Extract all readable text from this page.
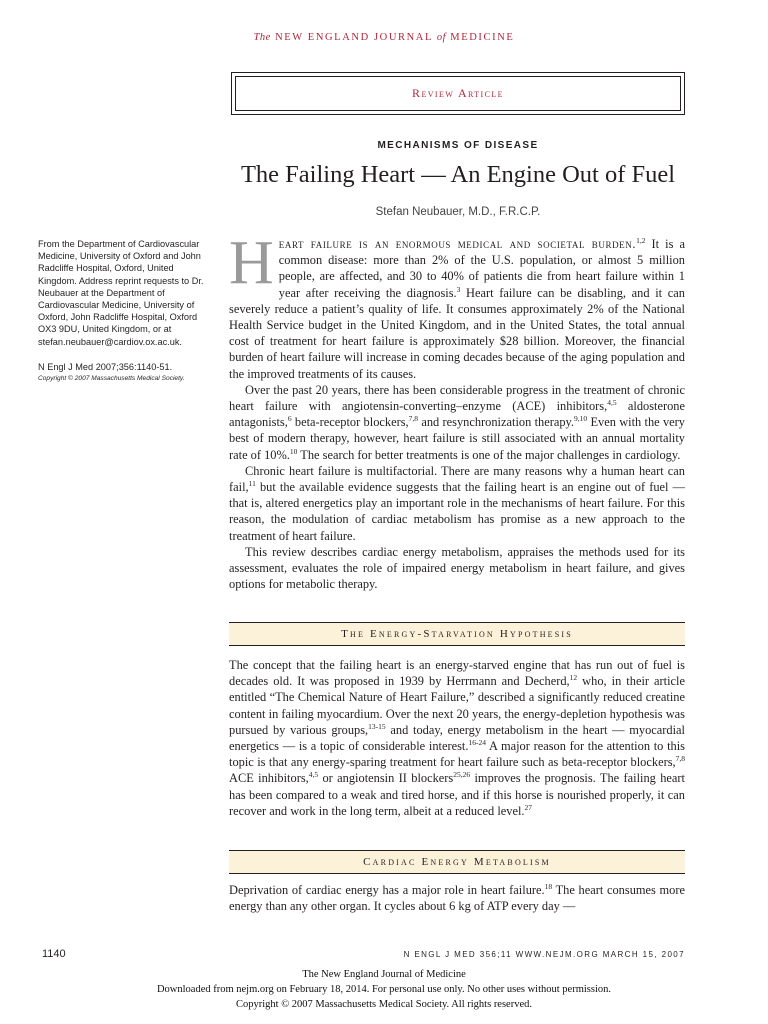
The NEW ENGLAND JOURNAL of MEDICINE
Review Article
MECHANISMS OF DISEASE
The Failing Heart — An Engine Out of Fuel
Stefan Neubauer, M.D., F.R.C.P.

From the Department of Cardiovascular Medicine, University of Oxford and John Radcliffe Hospital, Oxford, United Kingdom. Address reprint requests to Dr. Neubauer at the Department of Cardiovascular Medicine, University of Oxford, John Radcliffe Hospital, Oxford OX3 9DU, United Kingdom, or at stefan.neubauer@cardiov.ox.ac.uk.

N Engl J Med 2007;356:1140-51.
Copyright © 2007 Massachusetts Medical Society.

Heart failure is an enormous medical and societal burden.$^{1,2}$ It is a common disease: more than 2% of the U.S. population, or almost 5 million people, are affected, and 30 to 40% of patients die from heart failure within 1 year after receiving the diagnosis.$^3$ Heart failure can be disabling, and it can severely reduce a patient’s quality of life. It consumes approximately 2% of the National Health Service budget in the United Kingdom, and in the United States, the total annual cost of treatment for heart failure is approximately $28 billion. Moreover, the financial burden of heart failure will increase in coming decades because of the aging population and the improved treatments of its causes.

Over the past 20 years, there has been considerable progress in the treatment of chronic heart failure with angiotensin-converting–enzyme (ACE) inhibitors,$^{4,5}$ aldosterone antagonists,$^6$ beta-receptor blockers,$^{7,8}$ and resynchronization therapy.$^{9,10}$ Even with the very best of modern therapy, however, heart failure is still associated with an annual mortality rate of 10%.$^{10}$ The search for better treatments is one of the major challenges in cardiology.

Chronic heart failure is multifactorial. There are many reasons why a human heart can fail,$^{11}$ but the available evidence suggests that the failing heart is an engine out of fuel — that is, altered energetics play an important role in the mechanisms of heart failure. For this reason, the modulation of cardiac metabolism has promise as a new approach to the treatment of heart failure.

This review describes cardiac energy metabolism, appraises the methods used for its assessment, evaluates the role of impaired energy metabolism in heart failure, and gives options for metabolic therapy.

The Energy-Starvation Hypothesis

The concept that the failing heart is an energy-starved engine that has run out of fuel is decades old. It was proposed in 1939 by Herrmann and Decherd,$^{12}$ who, in their article entitled “The Chemical Nature of Heart Failure,” described a significantly reduced creatine content in failing myocardium. Over the next 20 years, the energy-depletion hypothesis was pursued by various groups,$^{13-15}$ and today, energy metabolism in the heart — myocardial energetics — is a topic of considerable interest.$^{16-24}$ A major reason for the attention to this topic is that any energy-sparing treatment for heart failure such as beta-receptor blockers,$^{7,8}$ ACE inhibitors,$^{4,5}$ or angiotensin II blockers$^{25,26}$ improves the prognosis. The failing heart has been compared to a weak and tired horse, and if this horse is nourished properly, it can recover and work in the long term, albeit at a reduced level.$^{27}$

Cardiac Energy Metabolism

Deprivation of cardiac energy has a major role in heart failure.$^{18}$ The heart consumes more energy than any other organ. It cycles about 6 kg of ATP every day —

1140	N ENGL J MED 356;11 WWW.NEJM.ORG MARCH 15, 2007
The New England Journal of Medicine
Downloaded from nejm.org on February 18, 2014. For personal use only. No other uses without permission.
Copyright © 2007 Massachusetts Medical Society. All rights reserved.
